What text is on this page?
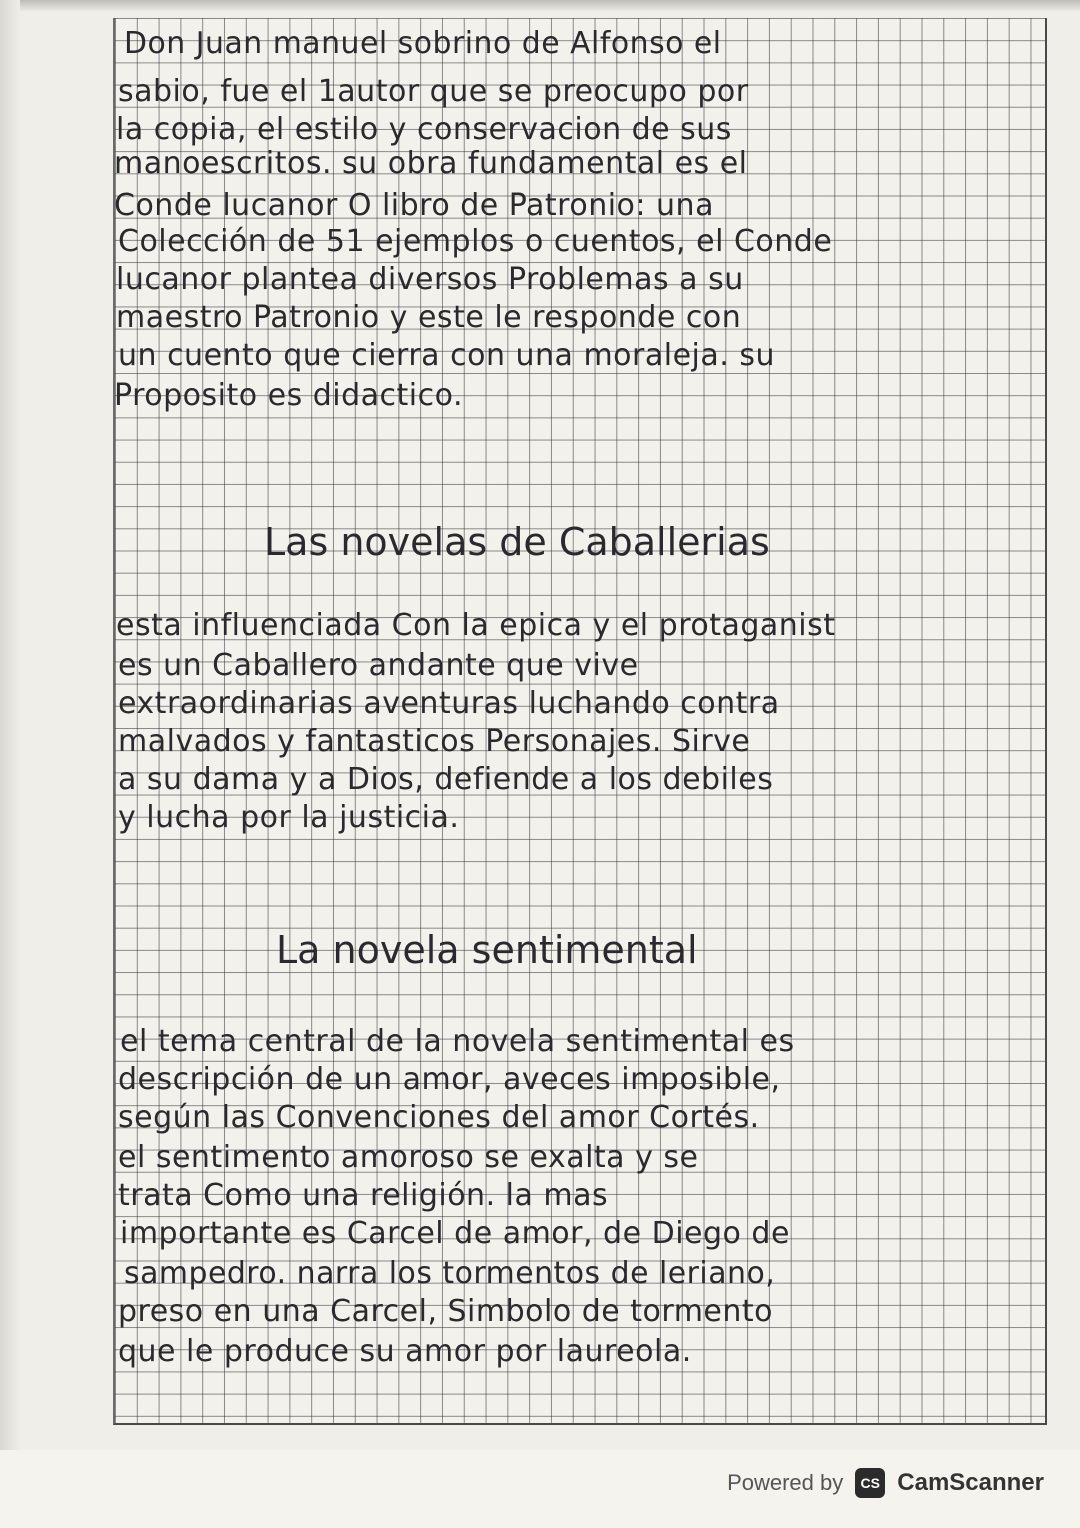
Don Juan manuel sobrino de Alfonso el
sabio, fue el 1autor que se preocupo por
la copia, el estilo y conservacion de sus
manoescritos. su obra fundamental es el
Conde lucanor O libro de Patronio: una
Colección de 51 ejemplos o cuentos, el Conde
lucanor plantea diversos Problemas a su
maestro Patronio y este le responde con
un cuento que cierra con una moraleja. su
Proposito es didactico.
Las novelas de Caballerias
esta influenciada Con la epica y el protaganist
es un Caballero andante que vive
extraordinarias aventuras luchando contra
malvados y fantasticos Personajes. Sirve
a su dama y a Dios, defiende a los debiles
y lucha por la justicia.
La novela sentimental
el tema central de la novela sentimental es
descripción de un amor, aveces imposible,
según las Convenciones del amor Cortés.
el sentimento amoroso se exalta y se
trata Como una religión. la mas
importante es Carcel de amor, de Diego de
sampedro. narra los tormentos de leriano,
preso en una Carcel, Simbolo de tormento
que le produce su amor por laureola.
Powered by	CS CamScanner
